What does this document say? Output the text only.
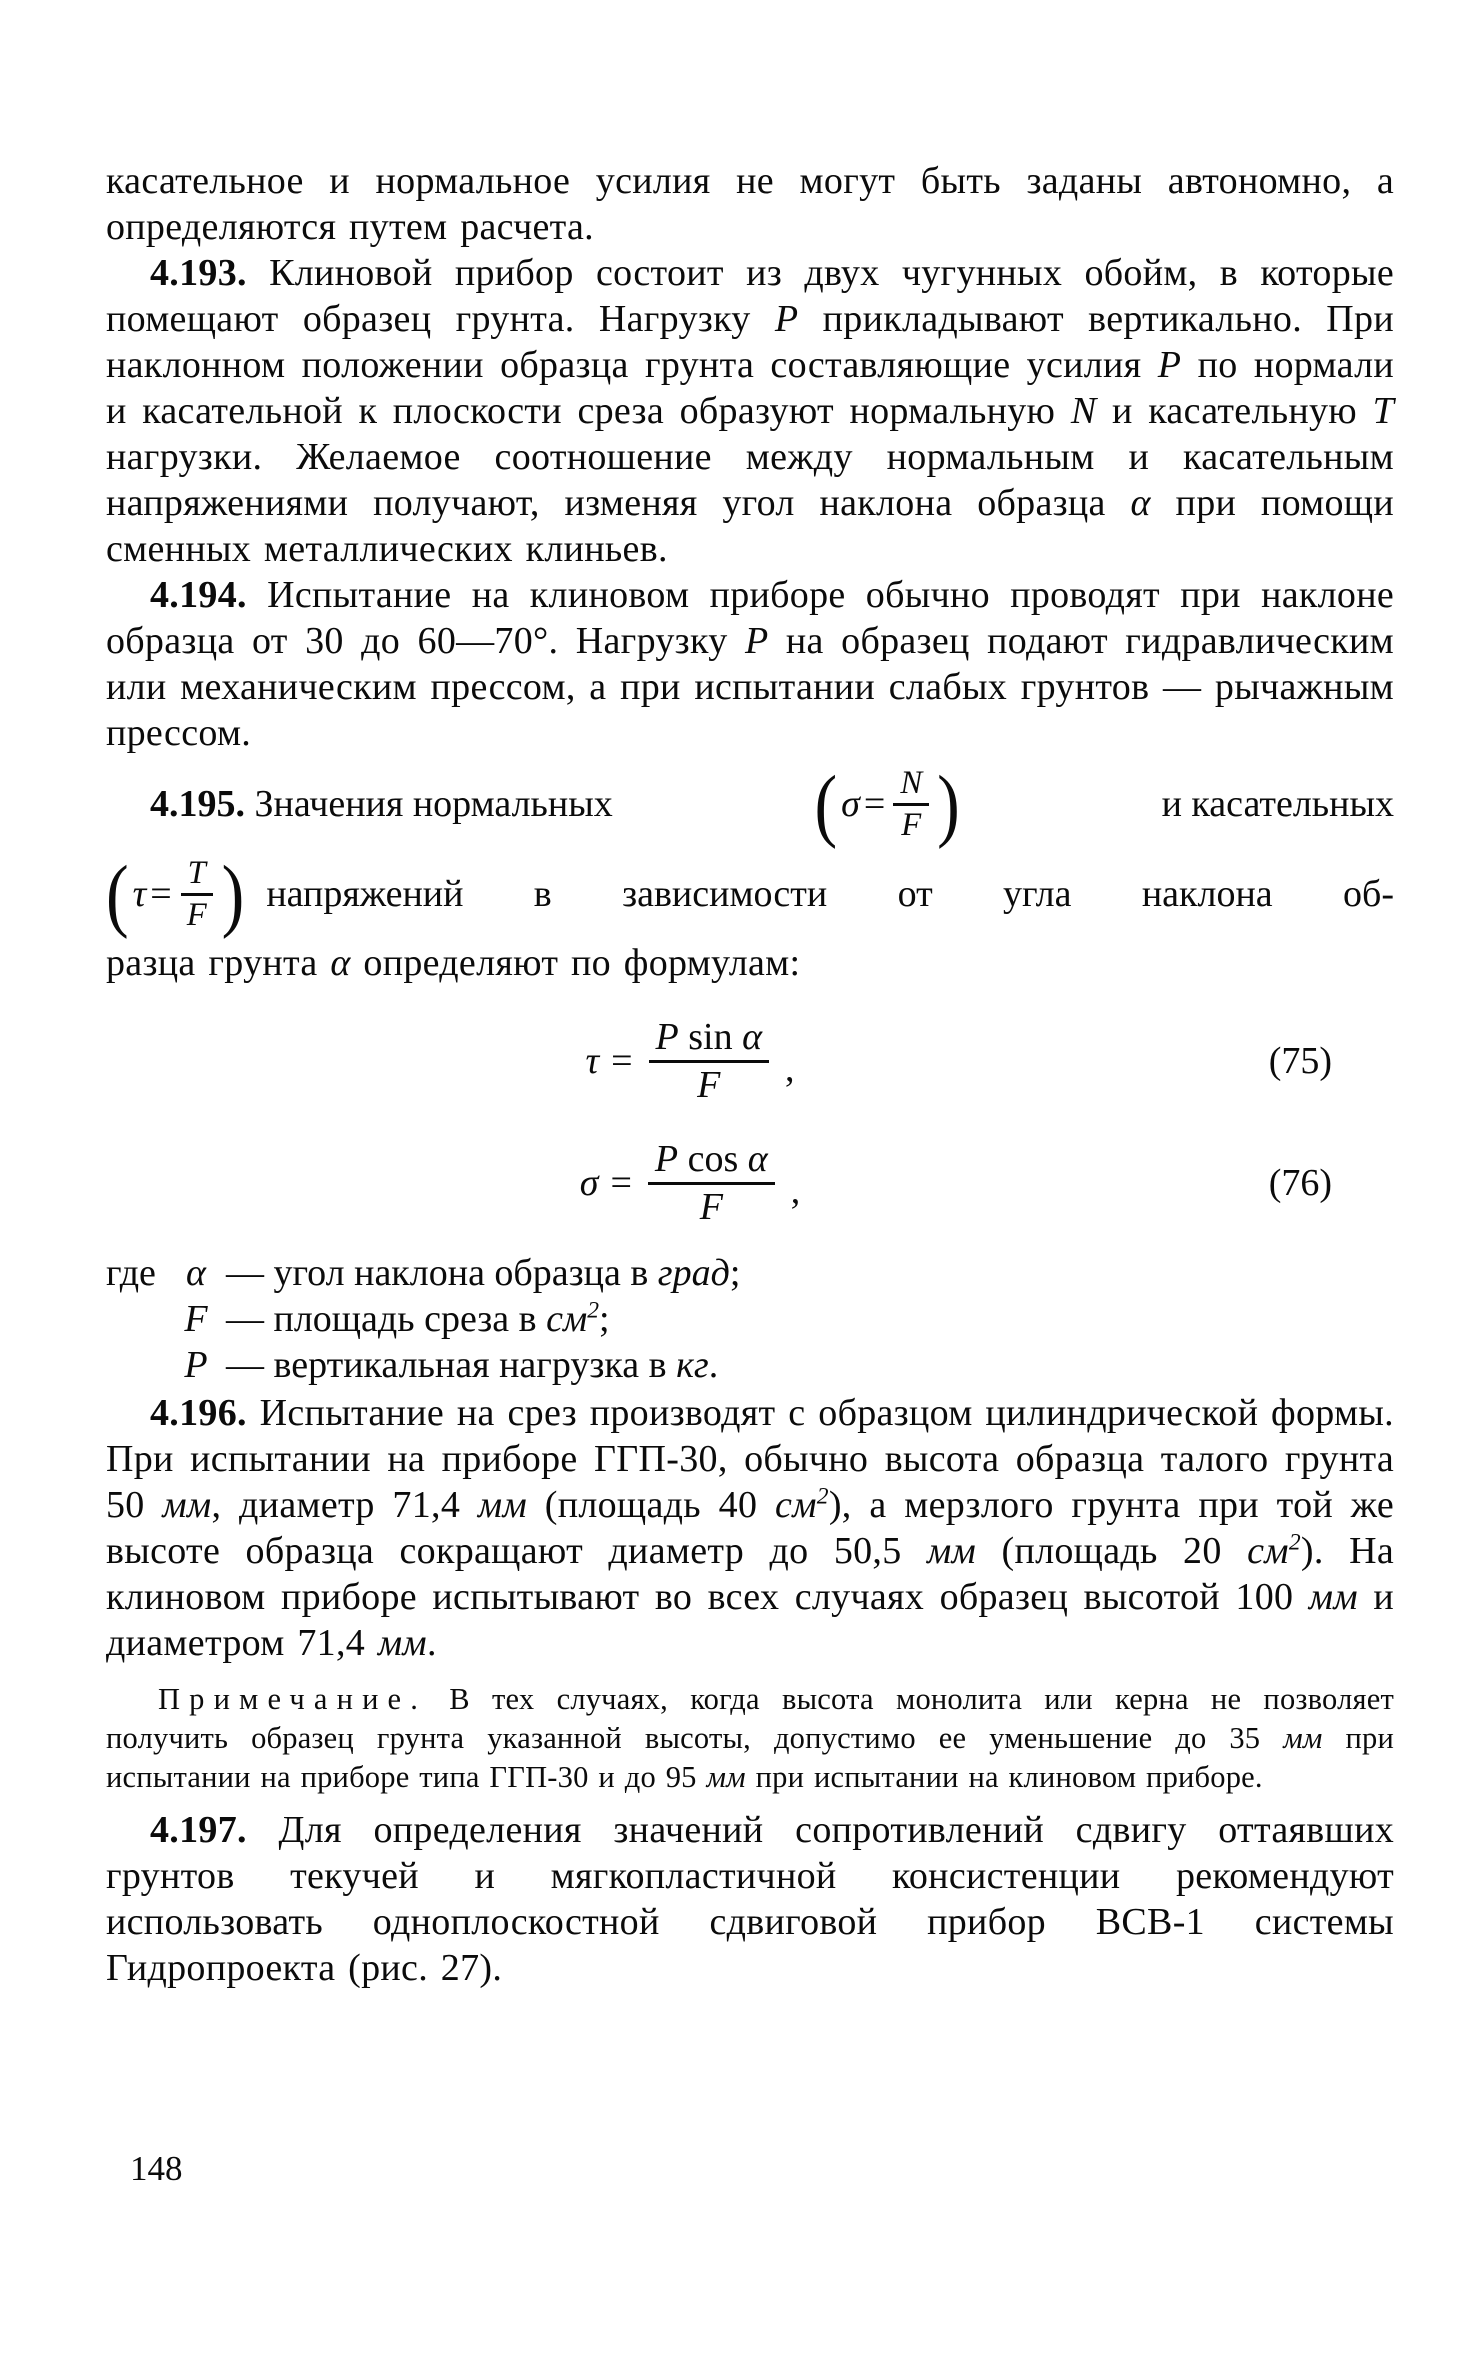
касательное и нормальное усилия не могут быть заданы автономно, а определяются путем расчета.

4.193. Клиновой прибор состоит из двух чугунных обойм, в которые помещают образец грунта. Нагрузку Р прикладывают вертикально. При наклонном положении образца грунта составляющие усилия Р по нормали и касательной к плоскости среза образуют нормальную N и касательную Т нагрузки. Желаемое соотношение между нормальным и касательным напряжениями получают, изменяя угол наклона образца α при помощи сменных металлических клиньев.

4.194. Испытание на клиновом приборе обычно проводят при наклоне образца от 30 до 60—70°. Нагрузку Р на образец подают гидравлическим или механическим прессом, а при испытании слабых грунтов — рычажным прессом.

4.195. Значения нормальных	( $\sigma = \frac{N}{F}$ )	и касательных
( $\tau = \frac{T}{F}$ ) напряжений в зависимости от угла наклона об-
разца грунта α определяют по формулам:
$\tau = \frac{\text{P sin α}}{F}$ ,	(75)
$\sigma = \frac{\text{P cos α}}{F}$ ,	(76)
где α — угол наклона образца в град;
F — площадь среза в $см^2$;
Р — вертикальная нагрузка в кг.

4.196. Испытание на срез производят с образцом цилиндрической формы. При испытании на приборе ГГП-30, обычно высота образца талого грунта 50 мм, диаметр 71,4 мм (площадь 40 $см^2$), а мерзлого грунта при той же высоте образца сокращают диаметр до 50,5 мм (площадь 20 $см^2$). На клиновом приборе испытывают во всех случаях образец высотой 100 мм и диаметром 71,4 мм.

Примечание. В тех случаях, когда высота монолита или керна не позволяет получить образец грунта указанной высоты, допустимо ее уменьшение до 35 мм при испытании на приборе типа ГГП-30 и до 95 мм при испытании на клиновом приборе.

4.197. Для определения значений сопротивлений сдвигу оттаявших грунтов текучей и мягкопластичной консистенции рекомендуют использовать одноплоскостной сдвиговой прибор ВСВ-1 системы Гидропроекта (рис. 27).

148
